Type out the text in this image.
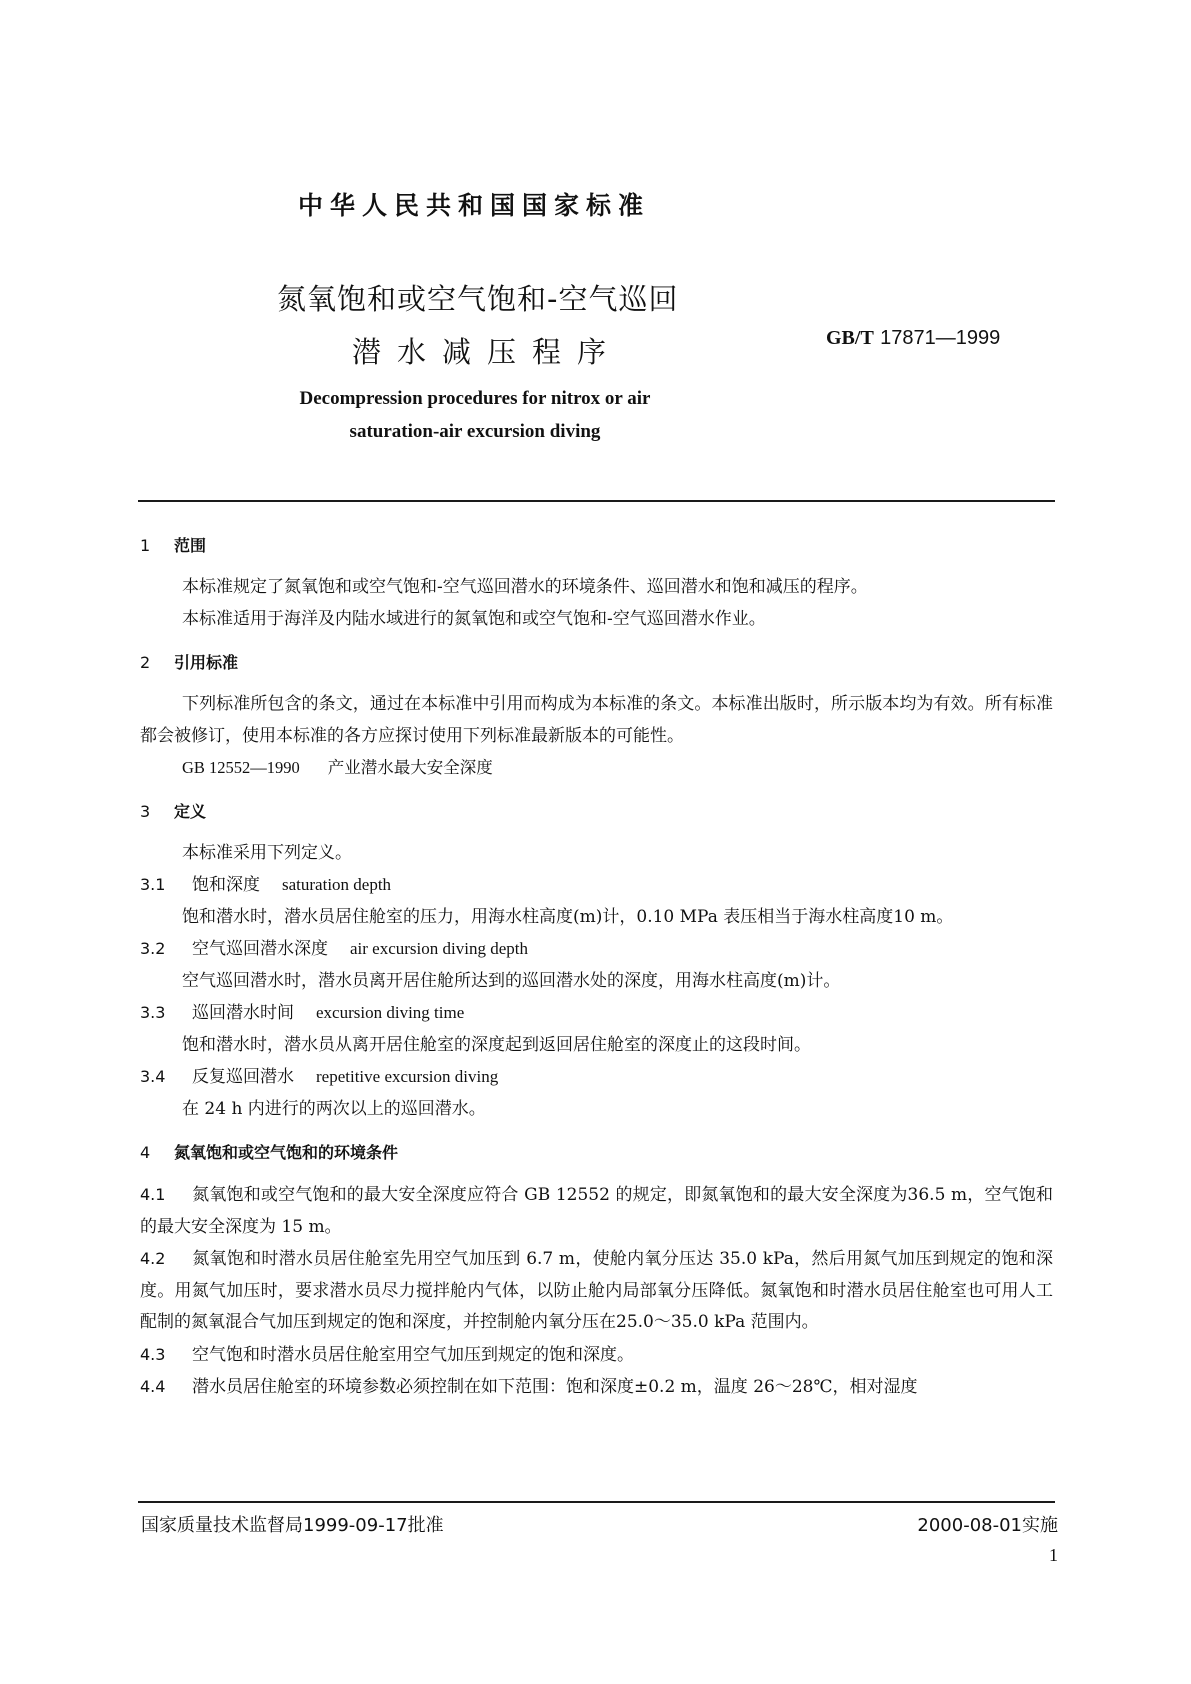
中华人民共和国国家标准
氮氧饱和或空气饱和-空气巡回
潜水减压程序	GB/T 17871—1999
Decompression procedures for nitrox or air
saturation-air excursion diving
1 范围

本标准规定了氮氧饱和或空气饱和-空气巡回潜水的环境条件、巡回潜水和饱和减压的程序。

本标准适用于海洋及内陆水域进行的氮氧饱和或空气饱和-空气巡回潜水作业。

2 引用标准

下列标准所包含的条文，通过在本标准中引用而构成为本标准的条文。本标准出版时，所示版本均为有效。所有标准都会被修订，使用本标准的各方应探讨使用下列标准最新版本的可能性。

GB 12552—1990 产业潜水最大安全深度

3 定义

本标准采用下列定义。

3.1 饱和深度 saturation depth

饱和潜水时，潜水员居住舱室的压力，用海水柱高度(m)计，0.10 MPa 表压相当于海水柱高度10 m。

3.2 空气巡回潜水深度 air excursion diving depth

空气巡回潜水时，潜水员离开居住舱所达到的巡回潜水处的深度，用海水柱高度(m)计。

3.3 巡回潜水时间 excursion diving time

饱和潜水时，潜水员从离开居住舱室的深度起到返回居住舱室的深度止的这段时间。

3.4 反复巡回潜水 repetitive excursion diving

在 24 h 内进行的两次以上的巡回潜水。

4 氮氧饱和或空气饱和的环境条件

4.1 氮氧饱和或空气饱和的最大安全深度应符合 GB 12552 的规定，即氮氧饱和的最大安全深度为36.5 m，空气饱和的最大安全深度为 15 m。

4.2 氮氧饱和时潜水员居住舱室先用空气加压到 6.7 m，使舱内氧分压达 35.0 kPa，然后用氮气加压到规定的饱和深度。用氮气加压时，要求潜水员尽力搅拌舱内气体，以防止舱内局部氧分压降低。氮氧饱和时潜水员居住舱室也可用人工配制的氮氧混合气加压到规定的饱和深度，并控制舱内氧分压在25.0～35.0 kPa 范围内。

4.3 空气饱和时潜水员居住舱室用空气加压到规定的饱和深度。

4.4 潜水员居住舱室的环境参数必须控制在如下范围：饱和深度±0.2 m，温度 26～28℃，相对湿度

国家质量技术监督局1999-09-17批准	2000-08-01实施
1
